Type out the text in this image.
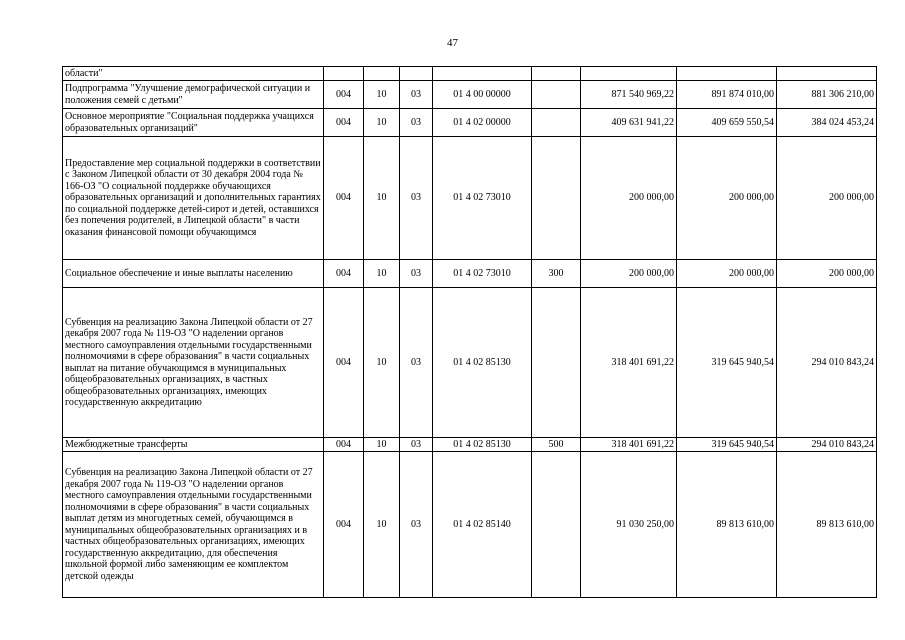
47
области"								
Подпрограмма "Улучшение демографической ситуации и положения семей с детьми"	004	10	03	01 4 00 00000		871 540 969,22	891 874 010,00	881 306 210,00
Основное мероприятие "Социальная поддержка учащихся образовательных организаций"	004	10	03	01 4 02 00000		409 631 941,22	409 659 550,54	384 024 453,24
Предоставление мер социальной поддержки в соответствии с Законом Липецкой области от 30 декабря 2004 года № 166-ОЗ "О социальной поддержке обучающихся образовательных организаций и дополнительных гарантиях по социальной поддержке детей-сирот и детей, оставшихся без попечения родителей, в Липецкой области" в части оказания финансовой помощи обучающимся	004	10	03	01 4 02 73010		200 000,00	200 000,00	200 000,00
Социальное обеспечение и иные выплаты населению	004	10	03	01 4 02 73010	300	200 000,00	200 000,00	200 000,00
Субвенция на реализацию Закона Липецкой области от 27 декабря 2007 года № 119-ОЗ "О наделении органов местного самоуправления отдельными государственными полномочиями в сфере образования" в части социальных выплат на питание обучающимся в муниципальных общеобразовательных организациях, в частных общеобразовательных организациях, имеющих государственную аккредитацию	004	10	03	01 4 02 85130		318 401 691,22	319 645 940,54	294 010 843,24
Межбюджетные трансферты	004	10	03	01 4 02 85130	500	318 401 691,22	319 645 940,54	294 010 843,24
Субвенция на реализацию Закона Липецкой области от 27 декабря 2007 года № 119-ОЗ "О наделении органов местного самоуправления отдельными государственными полномочиями в сфере образования" в части социальных выплат детям из многодетных семей, обучающимся в муниципальных общеобразовательных организациях и в частных общеобразовательных организациях, имеющих государственную аккредитацию, для обеспечения школьной формой либо заменяющим ее комплектом детской одежды	004	10	03	01 4 02 85140		91 030 250,00	89 813 610,00	89 813 610,00
